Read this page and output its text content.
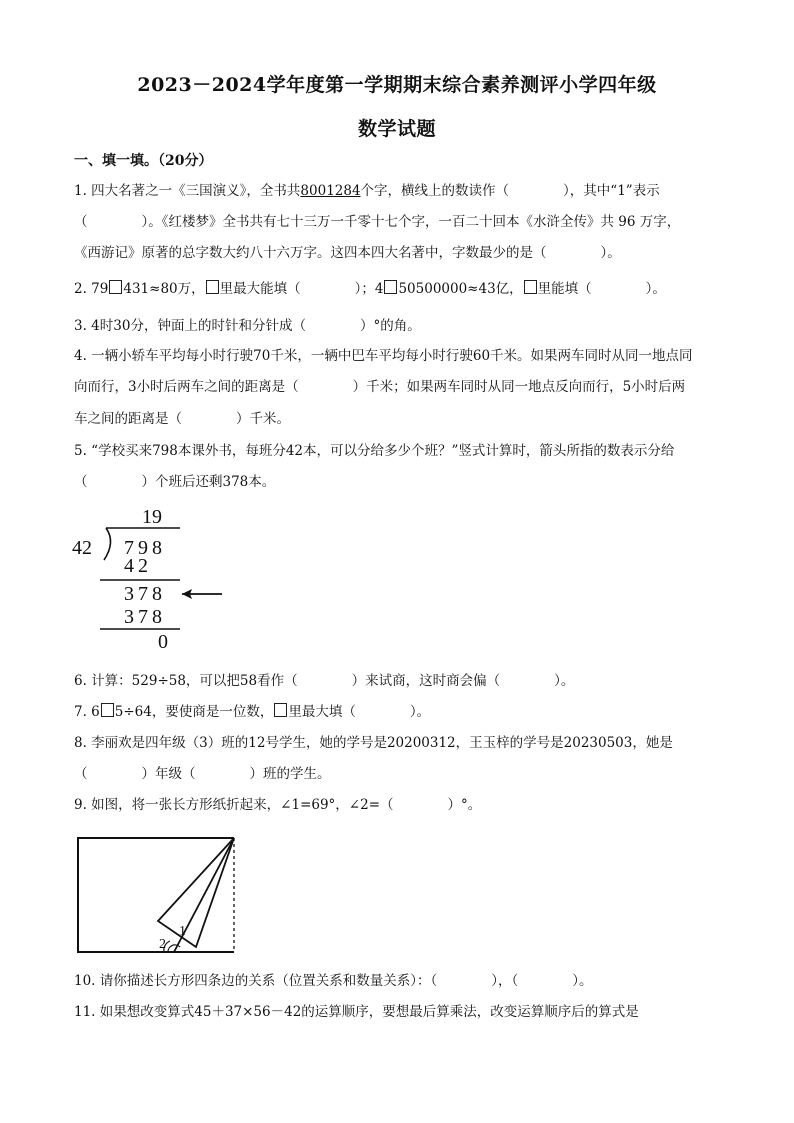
2023－2024学年度第一学期期末综合素养测评小学四年级
数学试题
一、填一填。（20分）
1. 四大名著之一《三国演义》，全书共8001284个字，横线上的数读作（　　　　），其中“1”表示
（　　　　）。《红楼梦》全书共有七十三万一千零十七个字，一百二十回本《水浒全传》共 96 万字，
《西游记》原著的总字数大约八十六万字。这四本四大名著中，字数最少的是（　　　　）。
2. 79 431≈80万， 里最大能填（　　　　）；4 50500000≈43亿， 里能填（　　　　）。
3. 4时30分，钟面上的时针和分针成（　　　　）°的角。
4. 一辆小轿车平均每小时行驶70千米，一辆中巴车平均每小时行驶60千米。如果两车同时从同一地点同
向而行，3小时后两车之间的距离是（　　　　）千米；如果两车同时从同一地点反向而行，5小时后两
车之间的距离是（　　　　）千米。
5. “学校买来798本课外书，每班分42本，可以分给多少个班？”竖式计算时，箭头所指的数表示分给
（　　　　）个班后还剩378本。
19
42 798
42
378
378
0
6. 计算：529÷58，可以把58看作（　　　　）来试商，这时商会偏（　　　　）。
7. 6 5÷64，要使商是一位数， 里最大填（　　　　）。
8. 李丽欢是四年级（3）班的12号学生，她的学号是20200312，王玉梓的学号是20230503，她是
（　　　　）年级（　　　　）班的学生。
9. 如图，将一张长方形纸折起来，∠1=69°，∠2=（　　　　）°。
1
2
10. 请你描述长方形四条边的关系（位置关系和数量关系）：（　　　　），（　　　　）。
11. 如果想改变算式45＋37×56－42的运算顺序，要想最后算乘法，改变运算顺序后的算式是
